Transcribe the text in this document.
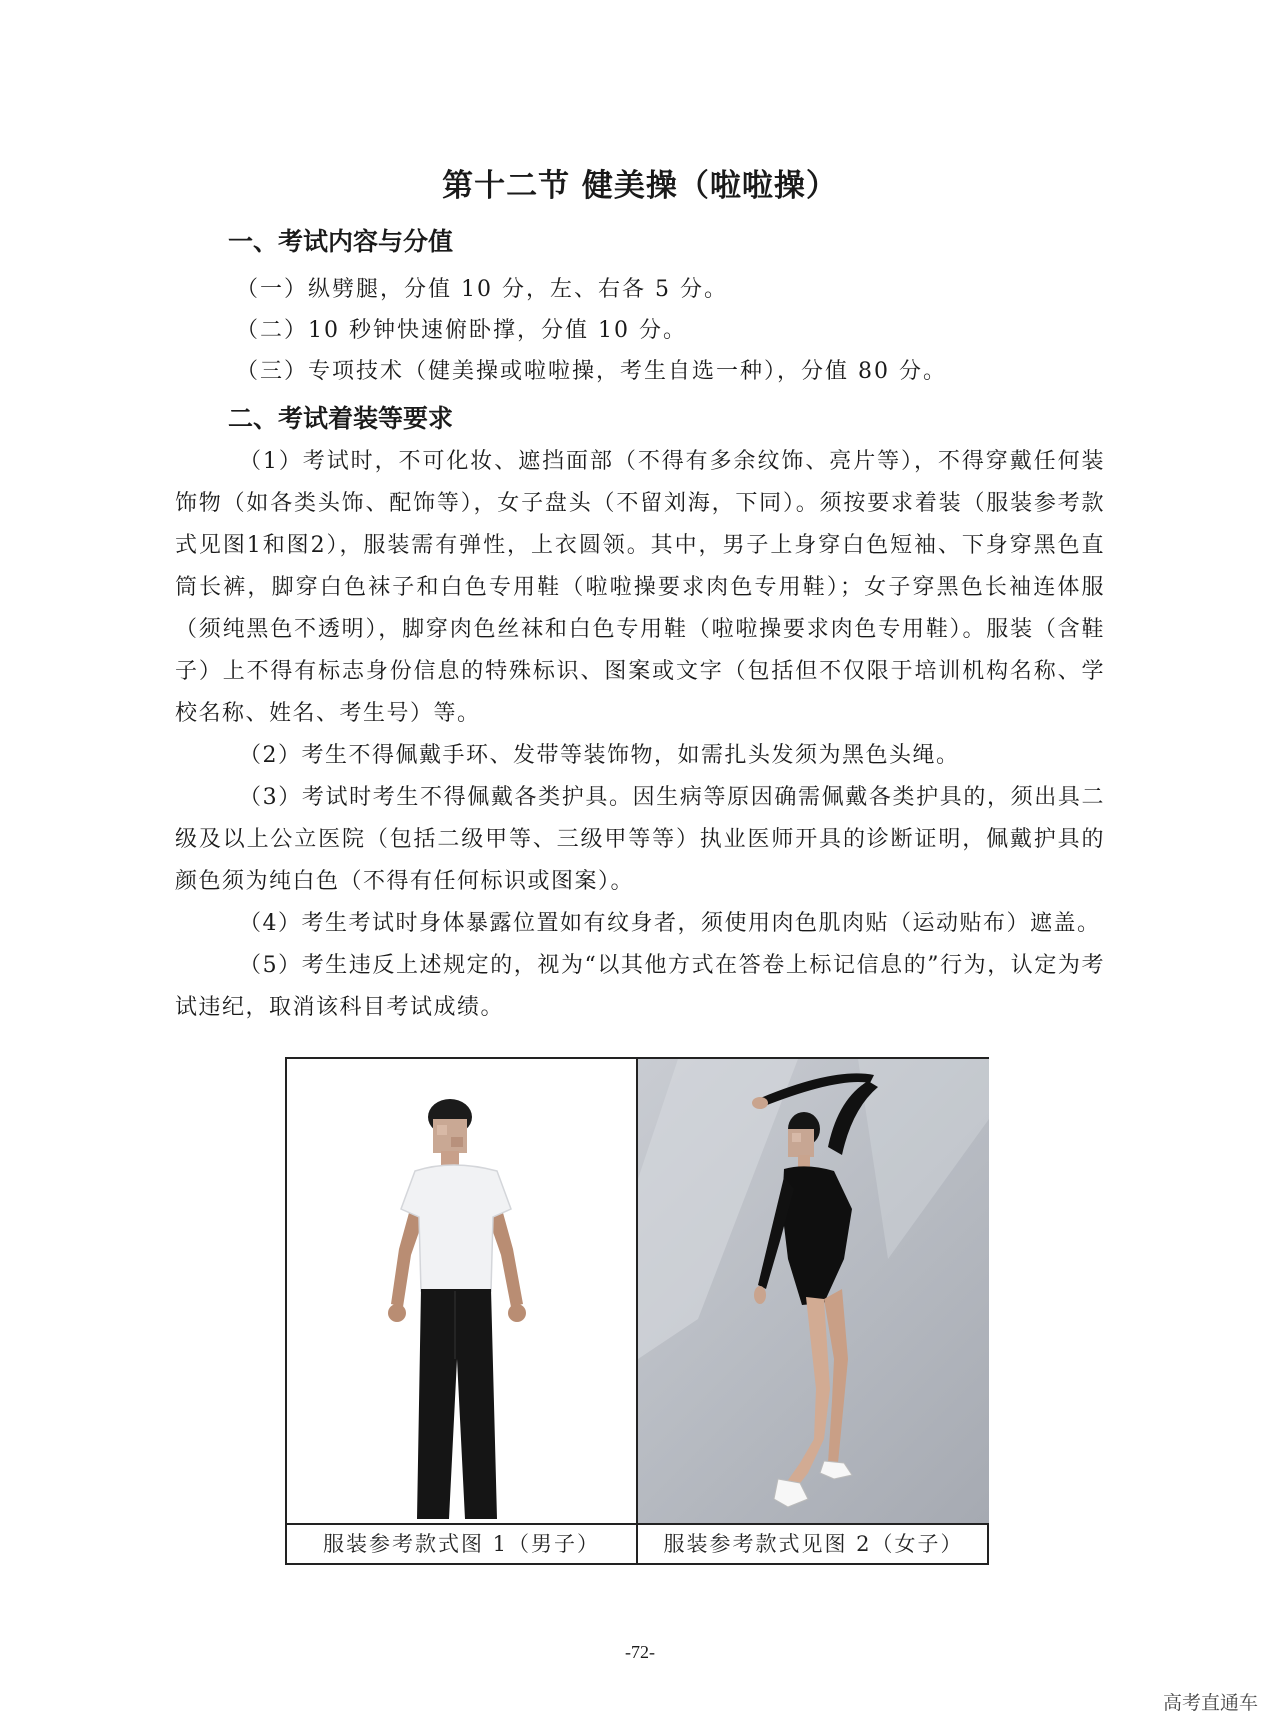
第十二节 健美操（啦啦操）
一、考试内容与分值

（一）纵劈腿，分值 10 分，左、右各 5 分。

（二）10 秒钟快速俯卧撑，分值 10 分。

（三）专项技术（健美操或啦啦操，考生自选一种），分值 80 分。

二、考试着装等要求

（1）考试时，不可化妆、遮挡面部（不得有多余纹饰、亮片等），不得穿戴任何装饰物（如各类头饰、配饰等），女子盘头（不留刘海，下同）。须按要求着装（服装参考款式见图1和图2），服装需有弹性，上衣圆领。其中，男子上身穿白色短袖、下身穿黑色直筒长裤，脚穿白色袜子和白色专用鞋（啦啦操要求肉色专用鞋）；女子穿黑色长袖连体服（须纯黑色不透明），脚穿肉色丝袜和白色专用鞋（啦啦操要求肉色专用鞋）。服装（含鞋子）上不得有标志身份信息的特殊标识、图案或文字（包括但不仅限于培训机构名称、学校名称、姓名、考生号）等。

（2）考生不得佩戴手环、发带等装饰物，如需扎头发须为黑色头绳。

（3）考试时考生不得佩戴各类护具。因生病等原因确需佩戴各类护具的，须出具二级及以上公立医院（包括二级甲等、三级甲等等）执业医师开具的诊断证明，佩戴护具的颜色须为纯白色（不得有任何标识或图案）。

（4）考生考试时身体暴露位置如有纹身者，须使用肉色肌肉贴（运动贴布）遮盖。

（5）考生违反上述规定的，视为“以其他方式在答卷上标记信息的”行为，认定为考试违纪，取消该科目考试成绩。

服装参考款式图 1（男子）	服装参考款式见图 2（女子）
-72-
高考直通车
